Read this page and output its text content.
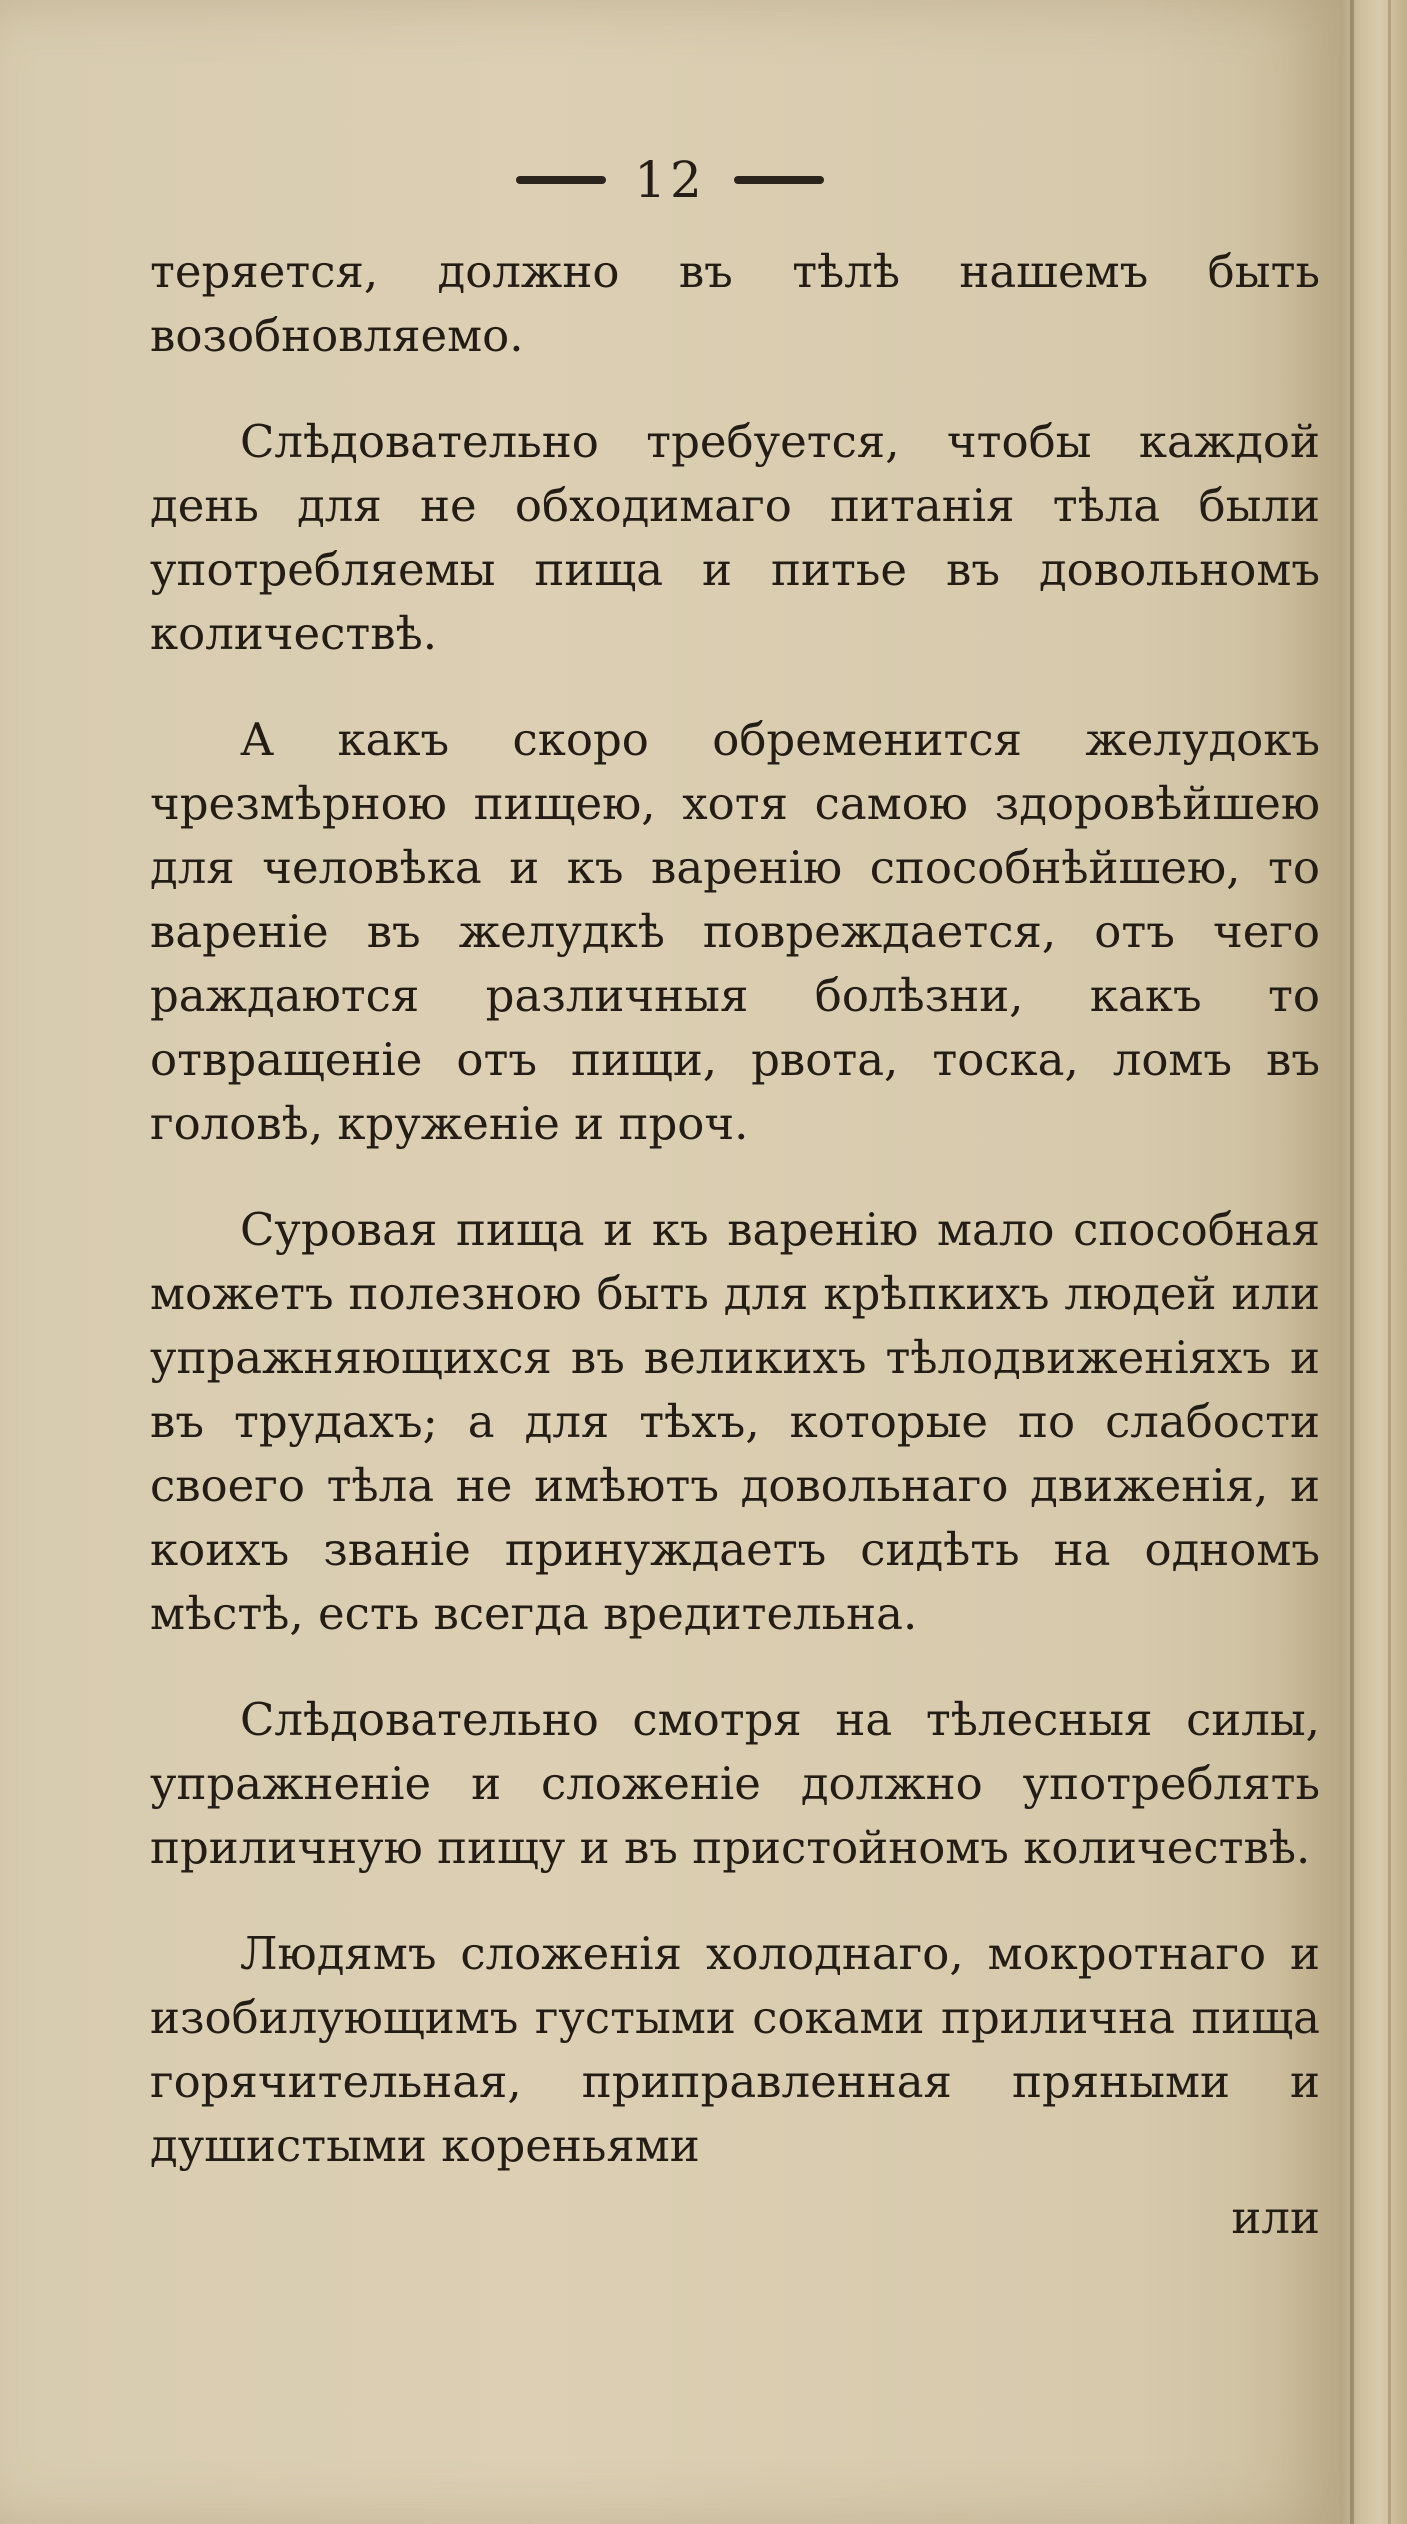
12

теряется, должно въ тѣлѣ нашемъ быть возобновляемо.

Слѣдовательно требуется, чтобы каждой день для не обходимаго питанія тѣла были употребляемы пища и питье въ довольномъ количествѣ.

А какъ скоро обременится желудокъ чрезмѣрною пищею, хотя самою здоровѣйшею для человѣка и къ варенію способнѣйшею, то вареніе въ желудкѣ повреждается, отъ чего раждаются различныя болѣзни, какъ то отвращеніе отъ пищи, рвота, тоска, ломъ въ головѣ, круженіе и проч.

Суровая пища и къ варенію мало способная можетъ полезною быть для крѣпкихъ людей или упражняющихся въ великихъ тѣлодвиженіяхъ и въ трудахъ; а для тѣхъ, которые по слабости своего тѣла не имѣютъ довольнаго движенія, и коихъ званіе принуждаетъ сидѣть на одномъ мѣстѣ, есть всегда вредительна.

Слѣдовательно смотря на тѣлесныя силы, упражненіе и сложеніе должно употреблять приличную пищу и въ пристойномъ количествѣ.

Людямъ сложенія холоднаго, мокротнаго и изобилующимъ густыми соками прилична пища горячительная, приправленная пряными и душистыми кореньями

или
